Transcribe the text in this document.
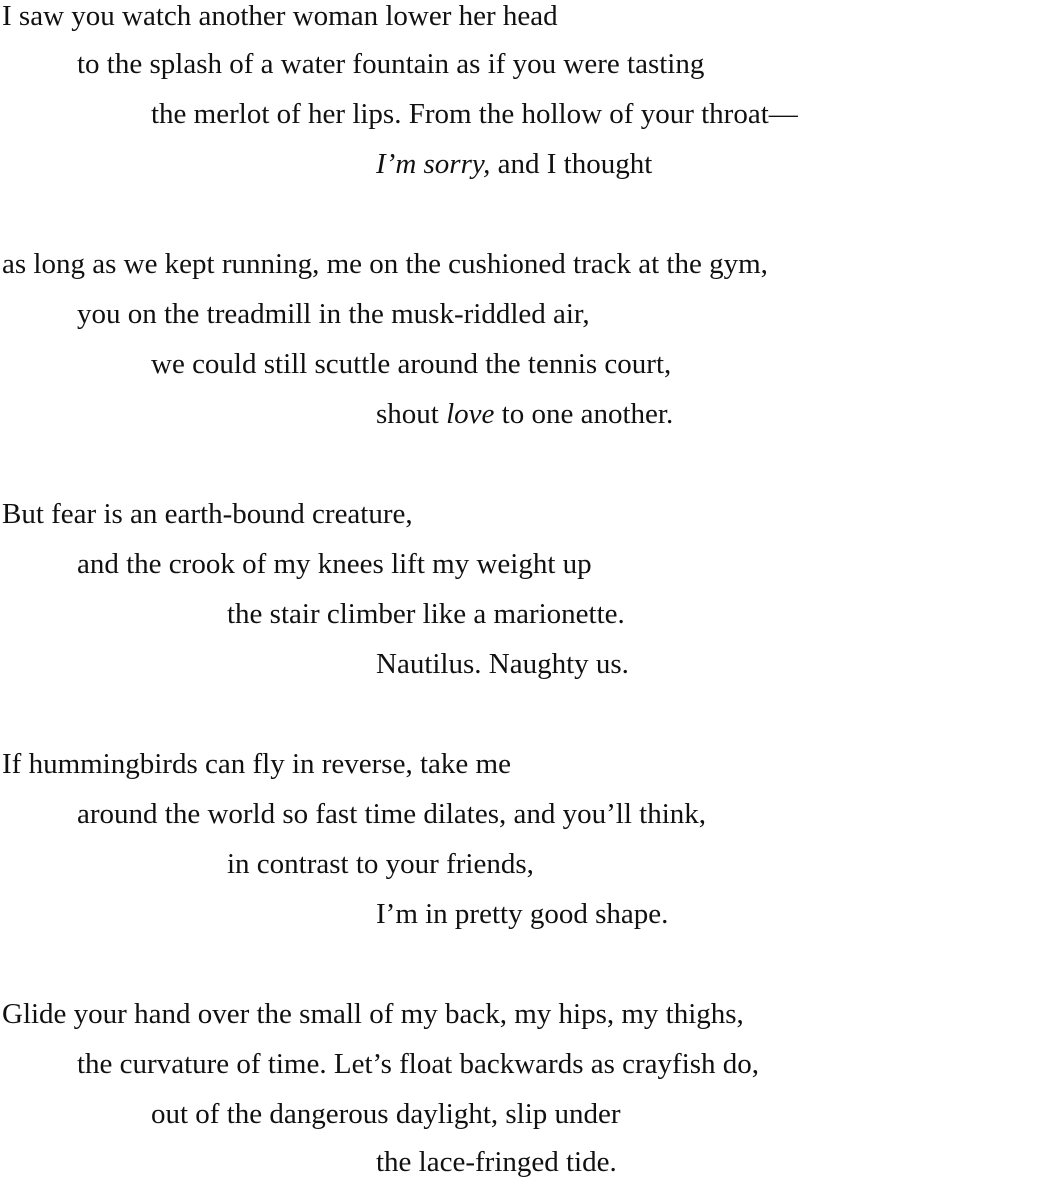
I saw you watch another woman lower her head
to the splash of a water fountain as if you were tasting
the merlot of her lips. From the hollow of your throat—
I’m sorry, and I thought
as long as we kept running, me on the cushioned track at the gym,
you on the treadmill in the musk-riddled air,
we could still scuttle around the tennis court,
shout love to one another.
But fear is an earth-bound creature,
and the crook of my knees lift my weight up
the stair climber like a marionette.
Nautilus. Naughty us.
If hummingbirds can fly in reverse, take me
around the world so fast time dilates, and you’ll think,
in contrast to your friends,
I’m in pretty good shape.
Glide your hand over the small of my back, my hips, my thighs,
the curvature of time. Let’s float backwards as crayfish do,
out of the dangerous daylight, slip under
the lace-fringed tide.
